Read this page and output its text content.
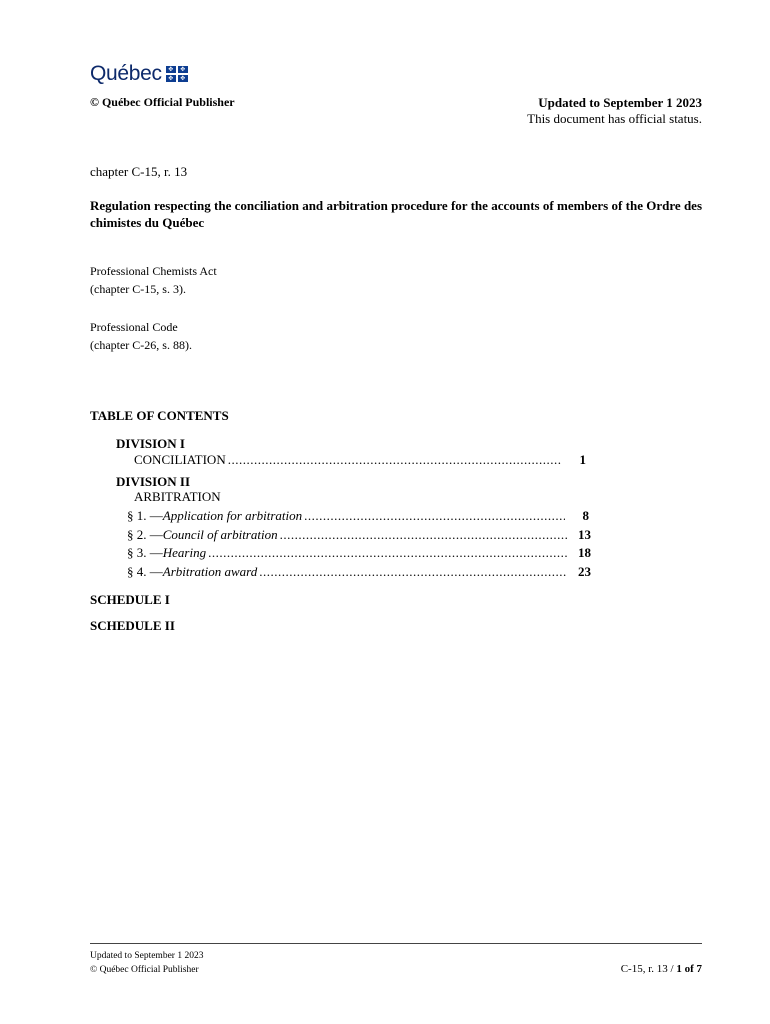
Québec	✥	✥
✥	✥
© Québec Official Publisher	Updated to September 1 2023
This document has official status.
chapter C-15, r. 13
Regulation respecting the conciliation and arbitration procedure for the accounts of members of the Ordre des chimistes du Québec
Professional Chemists Act
(chapter C-15, s. 3).
Professional Code
(chapter C-26, s. 88).
TABLE OF CONTENTS
DIVISION I
CONCILIATION .....	1
DIVISION II
ARBITRATION
§ 1. — Application for arbitration .....	8
§ 2. — Council of arbitration .....	13
§ 3. — Hearing .....	18
§ 4. — Arbitration award .....	23
SCHEDULE I
SCHEDULE II
Updated to September 1 2023
© Québec Official Publisher	C-15, r. 13 / 1 of 7
